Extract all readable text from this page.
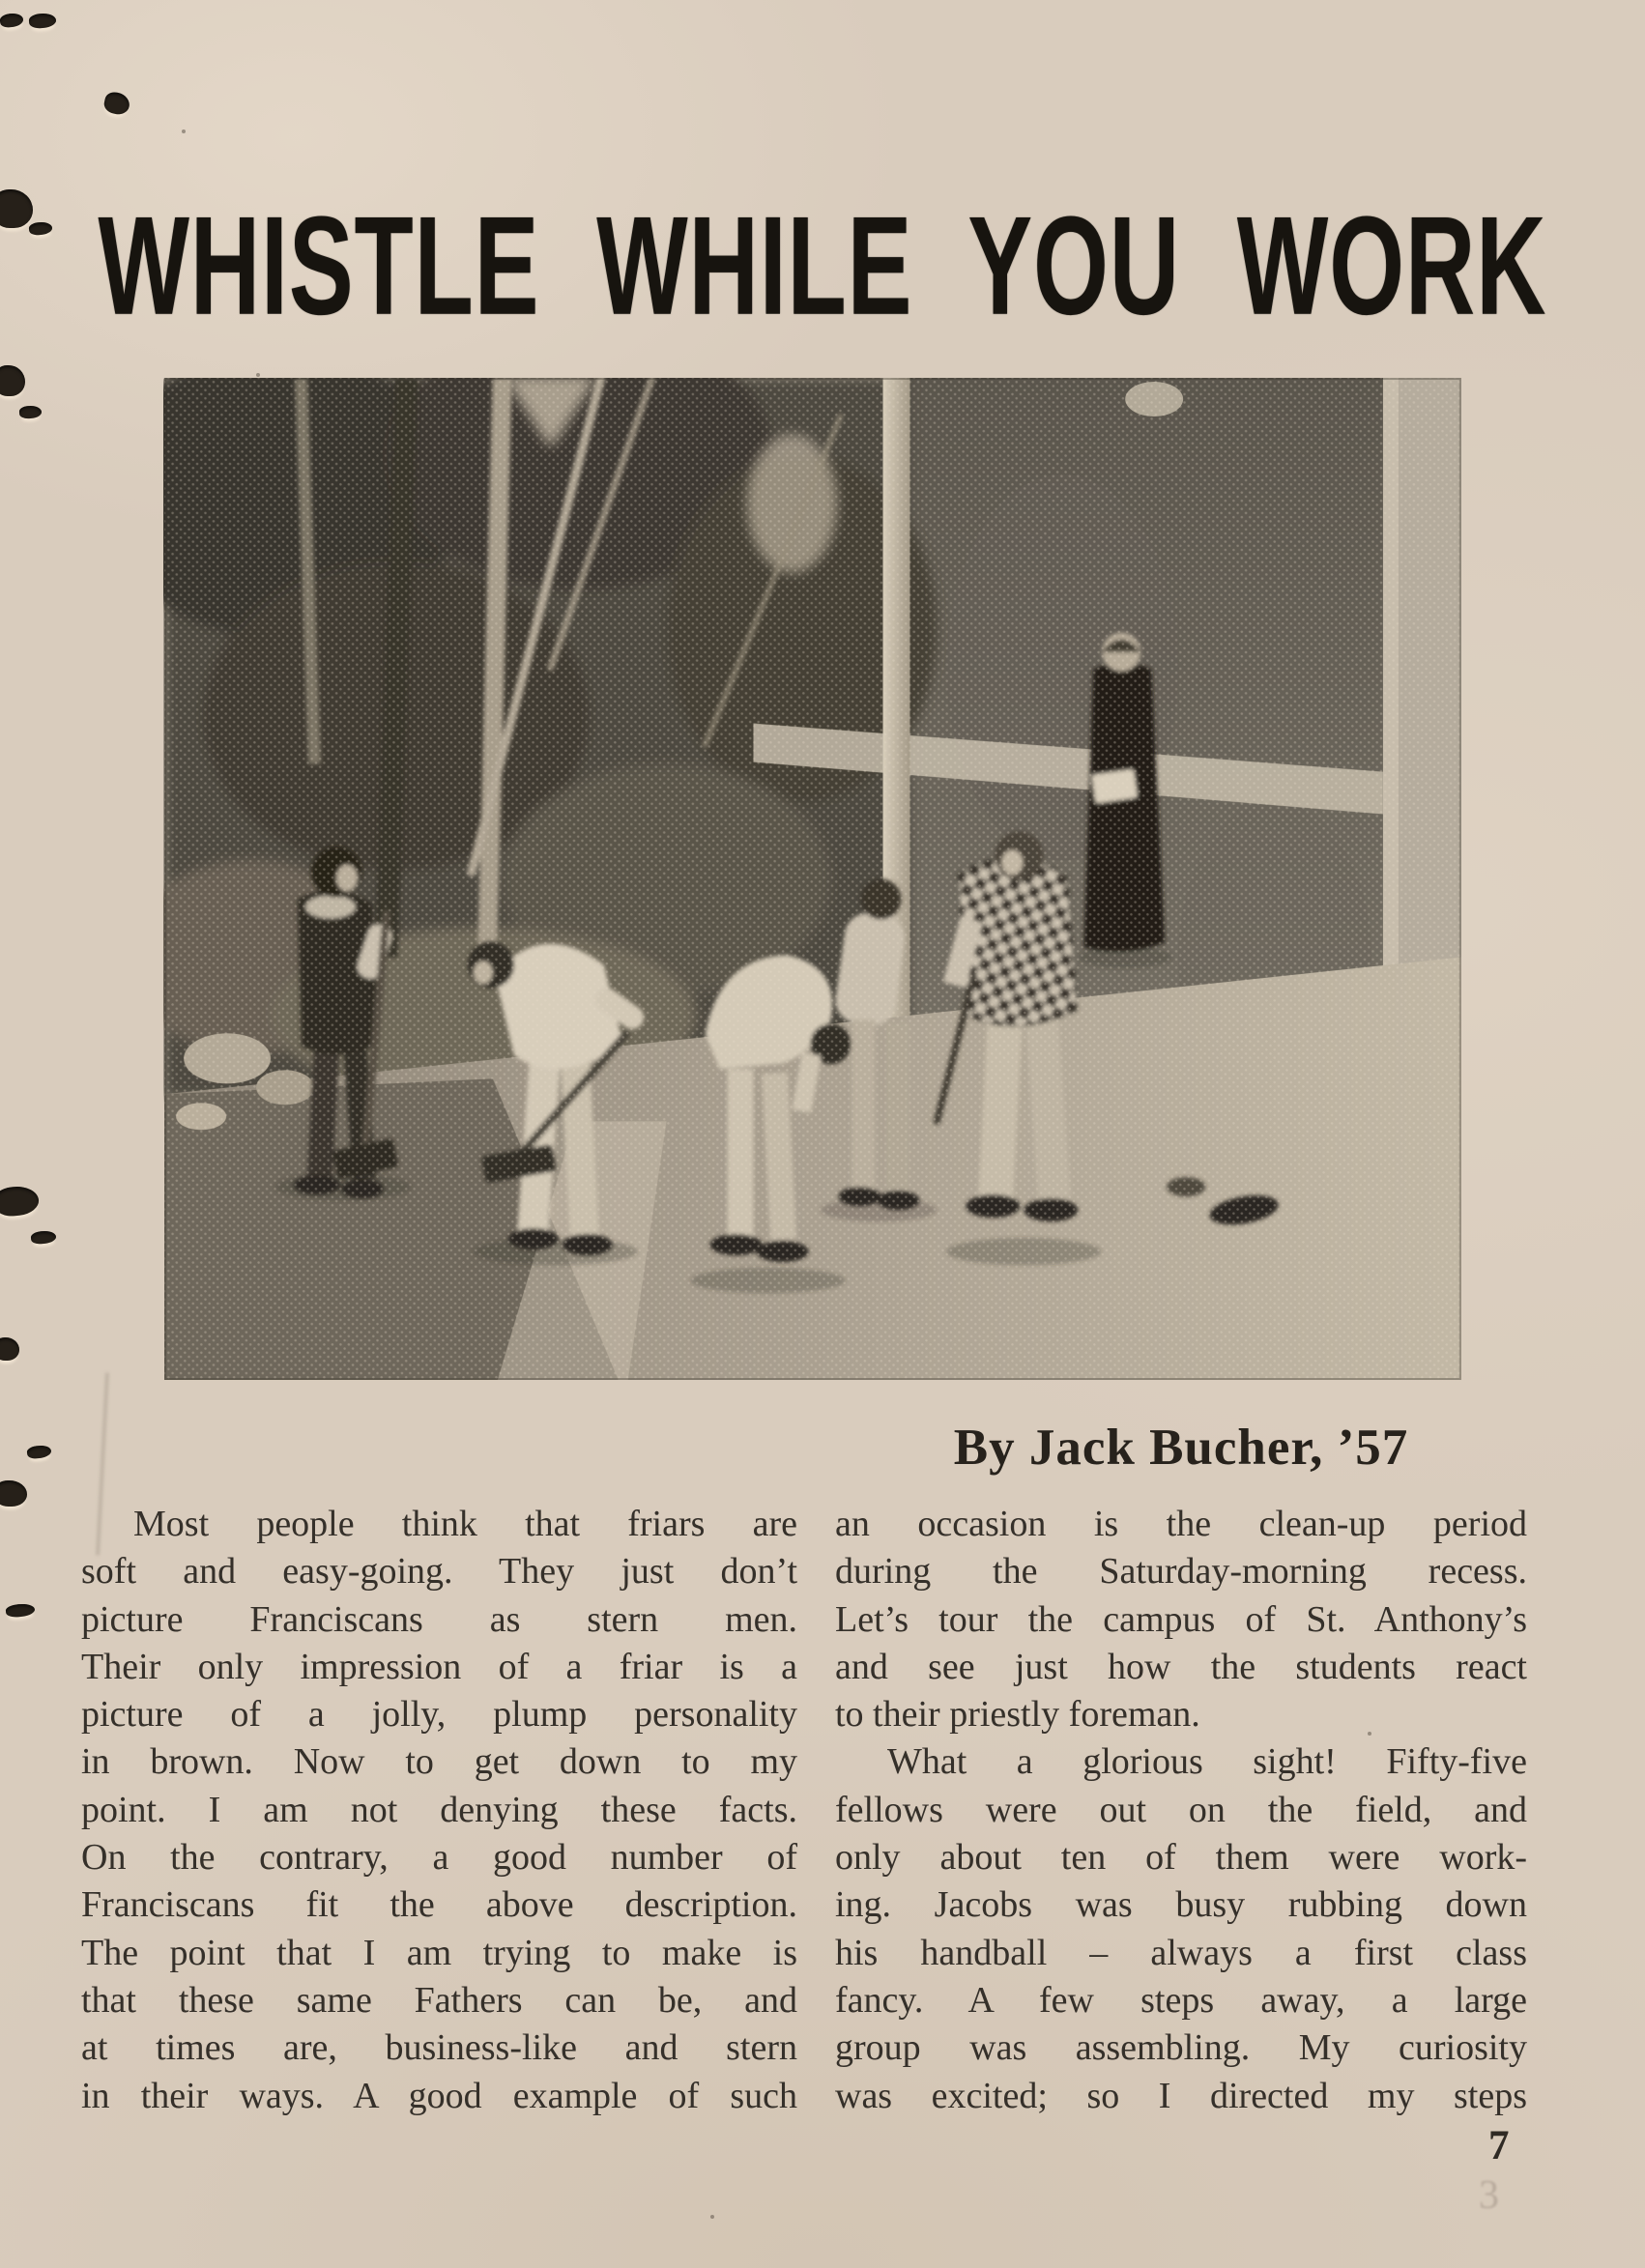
WHISTLE WHILE YOU WORK
By Jack Bucher, ’57
Most people think that friars are
soft and easy-going. They just don’t
picture Franciscans as stern men.
Their only impression of a friar is a
picture of a jolly, plump personality
in brown. Now to get down to my
point. I am not denying these facts.
On the contrary, a good number of
Franciscans fit the above description.
The point that I am trying to make is
that these same Fathers can be, and
at times are, business-like and stern
in their ways. A good example of such
an occasion is the clean-up period
during the Saturday-morning recess.
Let’s tour the campus of St. Anthony’s
and see just how the students react
to their priestly foreman.
What a glorious sight! Fifty-five
fellows were out on the field, and
only about ten of them were work-
ing. Jacobs was busy rubbing down
his handball – always a first class
fancy. A few steps away, a large
group was assembling. My curiosity
was excited; so I directed my steps
7
3
